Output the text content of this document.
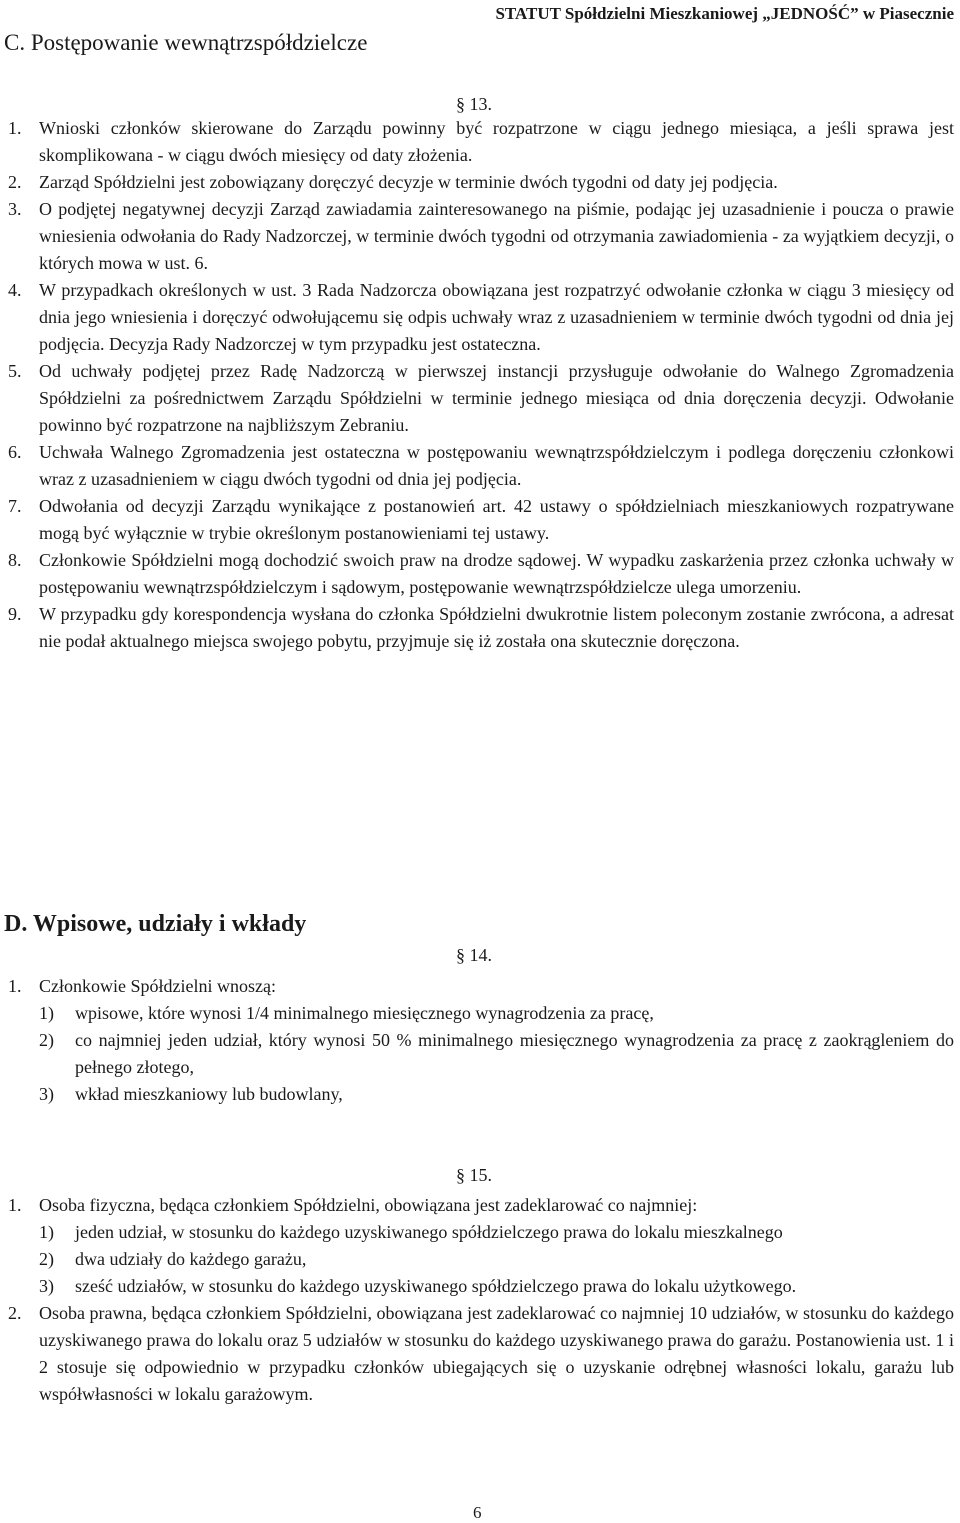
STATUT Spółdzielni Mieszkaniowej „JEDNOŚĆ” w Piasecznie
C. Postępowanie wewnątrzspółdzielcze
§ 13.
1. Wnioski członków skierowane do Zarządu powinny być rozpatrzone w ciągu jednego miesiąca, a jeśli sprawa jest skomplikowana - w ciągu dwóch miesięcy od daty złożenia.
2. Zarząd Spółdzielni jest zobowiązany doręczyć decyzje w terminie dwóch tygodni od daty jej podjęcia.
3. O podjętej negatywnej decyzji Zarząd zawiadamia zainteresowanego na piśmie, podając jej uzasadnienie i poucza o prawie wniesienia odwołania do Rady Nadzorczej, w terminie dwóch tygodni od otrzymania zawiadomienia - za wyjątkiem decyzji, o których mowa w ust. 6.
4. W przypadkach określonych w ust. 3 Rada Nadzorcza obowiązana jest rozpatrzyć odwołanie członka w ciągu 3 miesięcy od dnia jego wniesienia i doręczyć odwołującemu się odpis uchwały wraz z uzasadnieniem w terminie dwóch tygodni od dnia jej podjęcia. Decyzja Rady Nadzorczej w tym przypadku jest ostateczna.
5. Od uchwały podjętej przez Radę Nadzorczą w pierwszej instancji przysługuje odwołanie do Walnego Zgromadzenia Spółdzielni za pośrednictwem Zarządu Spółdzielni w terminie jednego miesiąca od dnia doręczenia decyzji. Odwołanie powinno być rozpatrzone na najbliższym Zebraniu.
6. Uchwała Walnego Zgromadzenia jest ostateczna w postępowaniu wewnątrzspółdzielczym i podlega doręczeniu członkowi wraz z uzasadnieniem w ciągu dwóch tygodni od dnia jej podjęcia.
7. Odwołania od decyzji Zarządu wynikające z postanowień art. 42 ustawy o spółdzielniach mieszkaniowych rozpatrywane mogą być wyłącznie w trybie określonym postanowieniami tej ustawy.
8. Członkowie Spółdzielni mogą dochodzić swoich praw na drodze sądowej. W wypadku zaskarżenia przez członka uchwały w postępowaniu wewnątrzspółdzielczym i sądowym, postępowanie wewnątrzspółdzielcze ulega umorzeniu.
9. W przypadku gdy korespondencja wysłana do członka Spółdzielni dwukrotnie listem poleconym zostanie zwrócona, a adresat nie podał aktualnego miejsca swojego pobytu, przyjmuje się iż została ona skutecznie doręczona.
D. Wpisowe, udziały i wkłady
§ 14.
1. Członkowie Spółdzielni wnoszą:
1)	wpisowe, które wynosi 1/4 minimalnego miesięcznego wynagrodzenia za pracę,
2)	co najmniej jeden udział, który wynosi 50 % minimalnego miesięcznego wynagrodzenia za pracę z zaokrągleniem do pełnego złotego,
3)	wkład mieszkaniowy lub budowlany,
§ 15.
1. Osoba fizyczna, będąca członkiem Spółdzielni, obowiązana jest zadeklarować co najmniej:
1)	jeden udział, w stosunku do każdego uzyskiwanego spółdzielczego prawa do lokalu mieszkalnego
2)	dwa udziały do każdego garażu,
3)	sześć udziałów, w stosunku do każdego uzyskiwanego spółdzielczego prawa do lokalu użytkowego.
2. Osoba prawna, będąca członkiem Spółdzielni, obowiązana jest zadeklarować co najmniej 10 udziałów, w stosunku do każdego uzyskiwanego prawa do lokalu oraz 5 udziałów w stosunku do każdego uzyskiwanego prawa do garażu. Postanowienia ust. 1 i 2 stosuje się odpowiednio w przypadku członków ubiegających się o uzyskanie odrębnej własności lokalu, garażu lub współwłasności w lokalu garażowym.
6
